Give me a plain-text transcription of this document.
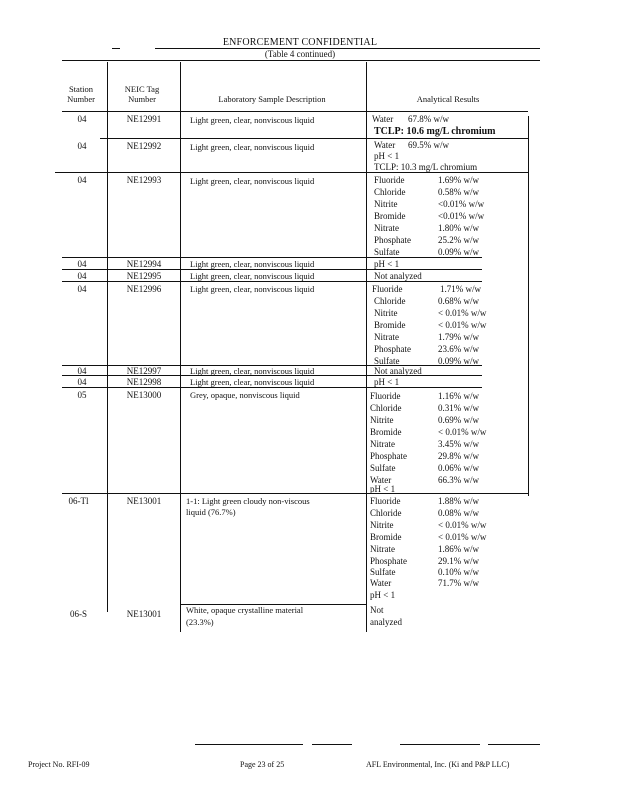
ENFORCEMENT CONFIDENTIAL
(Table 4 continued)
Station
Number
NEIC Tag
Number	Laboratory Sample Description	Analytical Results
04	NE12991	Light green, clear, nonviscous liquid	Water 67.8% w/w
TCLP: 10.6 mg/L chromium
04	NE12992	Light green, clear, nonviscous liquid	Water 69.5% w/w
pH < 1
TCLP: 10.3 mg/L chromium
04	NE12993	Light green, clear, nonviscous liquid	Fluoride	1.69% w/w
Chloride	0.58% w/w
Nitrite	<0.01% w/w
Bromide	<0.01% w/w
Nitrate	1.80% w/w
Phosphate	25.2% w/w
Sulfate	0.09% w/w
04	NE12994	Light green, clear, nonviscous liquid	pH < 1
04	NE12995	Light green, clear, nonviscous liquid	Not analyzed
04	NE12996	Light green, clear, nonviscous liquid	Fluoride	1.71% w/w
Chloride	0.68% w/w
Nitrite	< 0.01% w/w
Bromide	< 0.01% w/w
Nitrate	1.79% w/w
Phosphate	23.6% w/w
Sulfate	0.09% w/w
04	NE12997	Light green, clear, nonviscous liquid	Not analyzed
04	NE12998	Light green, clear, nonviscous liquid	pH < 1
05	NE13000	Grey, opaque, nonviscous liquid	Fluoride	1.16% w/w
Chloride	0.31% w/w
Nitrite	0.69% w/w
Bromide	< 0.01% w/w
Nitrate	3.45% w/w
Phosphate	29.8% w/w
Sulfate	0.06% w/w
Water	66.3% w/w
pH < 1
06-Tl	NE13001	1-1: Light green cloudy non-viscous
liquid (76.7%)
Fluoride	1.88% w/w
Chloride	0.08% w/w
Nitrite	< 0.01% w/w
Bromide	< 0.01% w/w
Nitrate	1.86% w/w
Phosphate	29.1% w/w
Sulfate	0.10% w/w
Water	71.7% w/w
pH < 1
06-S	NE13001	White, opaque crystalline material
(23.3%)
Not
analyzed
Project No. RFI-09	Page 23 of 25	AFL Environmental, Inc. (Ki and P&P LLC)
